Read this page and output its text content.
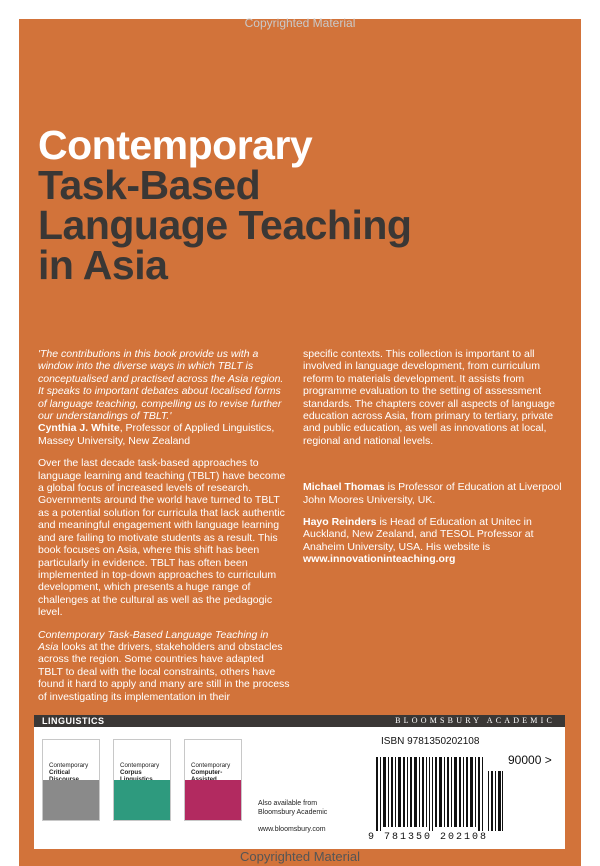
Copyrighted Material
Contemporary
Task-Based
Language Teaching
in Asia

'The contributions in this book provide us with a window into the diverse ways in which TBLT is conceptualised and practised across the Asia region. It speaks to important debates about localised forms of language teaching, compelling us to revise further our understandings of TBLT.'
Cynthia J. White, Professor of Applied Linguistics, Massey University, New Zealand

Over the last decade task-based approaches to language learning and teaching (TBLT) have become a global focus of increased levels of research. Governments around the world have turned to TBLT as a potential solution for curricula that lack authentic and meaningful engagement with language learning and are failing to motivate students as a result. This book focuses on Asia, where this shift has been particularly in evidence. TBLT has often been implemented in top-down approaches to curriculum development, which presents a huge range of challenges at the cultural as well as the pedagogic level.

Contemporary Task-Based Language Teaching in Asia looks at the drivers, stakeholders and obstacles across the region. Some countries have adapted TBLT to deal with the local constraints, others have found it hard to apply and many are still in the process of investigating its implementation in their

specific contexts. This collection is important to all involved in language development, from curriculum reform to materials development. It assists from programme evaluation to the setting of assessment standards. The chapters cover all aspects of language education across Asia, from primary to tertiary, private and public education, as well as innovations at local, regional and national levels.

Michael Thomas is Professor of Education at Liverpool John Moores University, UK.

Hayo Reinders is Head of Education at Unitec in Auckland, New Zealand, and TESOL Professor at Anaheim University, USA. His website is www.innovationinteaching.org

LINGUISTICS	BLOOMSBURY ACADEMIC
Contemporary
Critical

Contemporary
Corpus

Contemporary
Computer-

Also available from
Bloomsbury Academic
www.bloomsbury.com
ISBN 9781350202108
90000 >
9 781350 202108
Copyrighted Material
